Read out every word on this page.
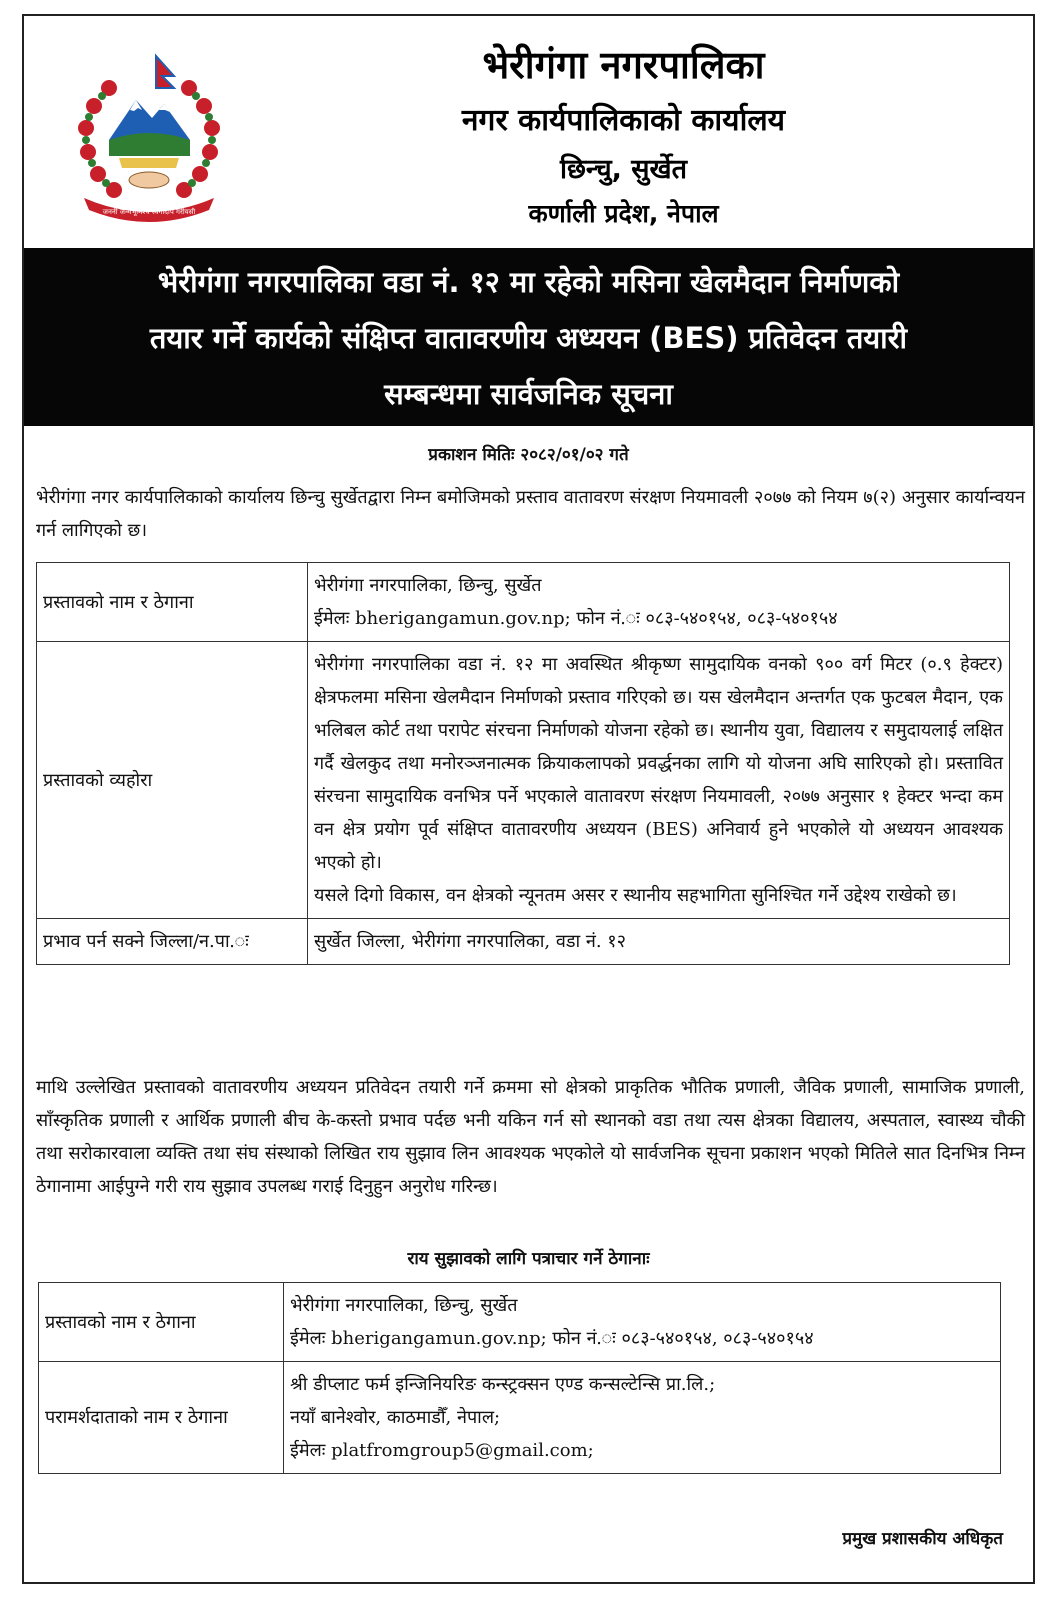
जननी जन्मभूमिश्च स्वर्गादपि गरीयसी
भेरीगंगा नगरपालिका
नगर कार्यपालिकाको कार्यालय
छिन्चु, सुर्खेत
कर्णाली प्रदेश, नेपाल
भेरीगंगा नगरपालिका वडा नं. १२ मा रहेको मसिना खेलमैदान निर्माणको
तयार गर्ने कार्यको संक्षिप्त वातावरणीय अध्ययन (BES) प्रतिवेदन तयारी
सम्बन्धमा सार्वजनिक सूचना
प्रकाशन मितिः २०८२/०१/०२ गते
भेरीगंगा नगर कार्यपालिकाको कार्यालय छिन्चु सुर्खेतद्वारा निम्न बमोजिमको प्रस्ताव वातावरण संरक्षण नियमावली २०७७ को नियम ७(२) अनुसार कार्यान्वयन गर्न लागिएको छ।
प्रस्तावको नाम र ठेगाना	भेरीगंगा नगरपालिका, छिन्चु, सुर्खेत
ईमेलः bherigangamun.gov.np; फोन नं.ः ०८३-५४०१५४, ०८३-५४०१५४

प्रस्तावको व्यहोरा	भेरीगंगा नगरपालिका वडा नं. १२ मा अवस्थित श्रीकृष्ण सामुदायिक वनको ९०० वर्ग मिटर (०.९ हेक्टर) क्षेत्रफलमा मसिना खेलमैदान निर्माणको प्रस्ताव गरिएको छ। यस खेलमैदान अन्तर्गत एक फुटबल मैदान, एक भलिबल कोर्ट तथा परापेट संरचना निर्माणको योजना रहेको छ। स्थानीय युवा, विद्यालय र समुदायलाई लक्षित गर्दै खेलकुद तथा मनोरञ्जनात्मक क्रियाकलापको प्रवर्द्धनका लागि यो योजना अघि सारिएको हो। प्रस्तावित संरचना सामुदायिक वनभित्र पर्ने भएकाले वातावरण संरक्षण नियमावली, २०७७ अनुसार १ हेक्टर भन्दा कम वन क्षेत्र प्रयोग पूर्व संक्षिप्त वातावरणीय अध्ययन (BES) अनिवार्य हुने भएकोले यो अध्ययन आवश्यक भएको हो।
यसले दिगो विकास, वन क्षेत्रको न्यूनतम असर र स्थानीय सहभागिता सुनिश्चित गर्ने उद्देश्य राखेको छ।

प्रभाव पर्न सक्ने जिल्ला/न.पा.ः	सुर्खेत जिल्ला, भेरीगंगा नगरपालिका, वडा नं. १२
माथि उल्लेखित प्रस्तावको वातावरणीय अध्ययन प्रतिवेदन तयारी गर्ने क्रममा सो क्षेत्रको प्राकृतिक भौतिक प्रणाली, जैविक प्रणाली, सामाजिक प्रणाली, साँस्कृतिक प्रणाली र आर्थिक प्रणाली बीच के-कस्तो प्रभाव पर्दछ भनी यकिन गर्न सो स्थानको वडा तथा त्यस क्षेत्रका विद्यालय, अस्पताल, स्वास्थ्य चौकी तथा सरोकारवाला व्यक्ति तथा संघ संस्थाको लिखित राय सुझाव लिन आवश्यक भएकोले यो सार्वजनिक सूचना प्रकाशन भएको मितिले सात दिनभित्र निम्न ठेगानामा आईपुग्ने गरी राय सुझाव उपलब्ध गराई दिनुहुन अनुरोध गरिन्छ।
राय सुझावको लागि पत्राचार गर्ने ठेगानाः
प्रस्तावको नाम र ठेगाना	भेरीगंगा नगरपालिका, छिन्चु, सुर्खेत
ईमेलः bherigangamun.gov.np; फोन नं.ः ०८३-५४०१५४, ०८३-५४०१५४

परामर्शदाताको नाम र ठेगाना	श्री डीप्लाट फर्म इन्जिनियरिङ कन्स्ट्रक्सन एण्ड कन्सल्टेन्सि प्रा.लि.;
नयाँ बानेश्वोर, काठमाडौँ, नेपाल;
ईमेलः platfromgroup5@gmail.com;
प्रमुख प्रशासकीय अधिकृत
